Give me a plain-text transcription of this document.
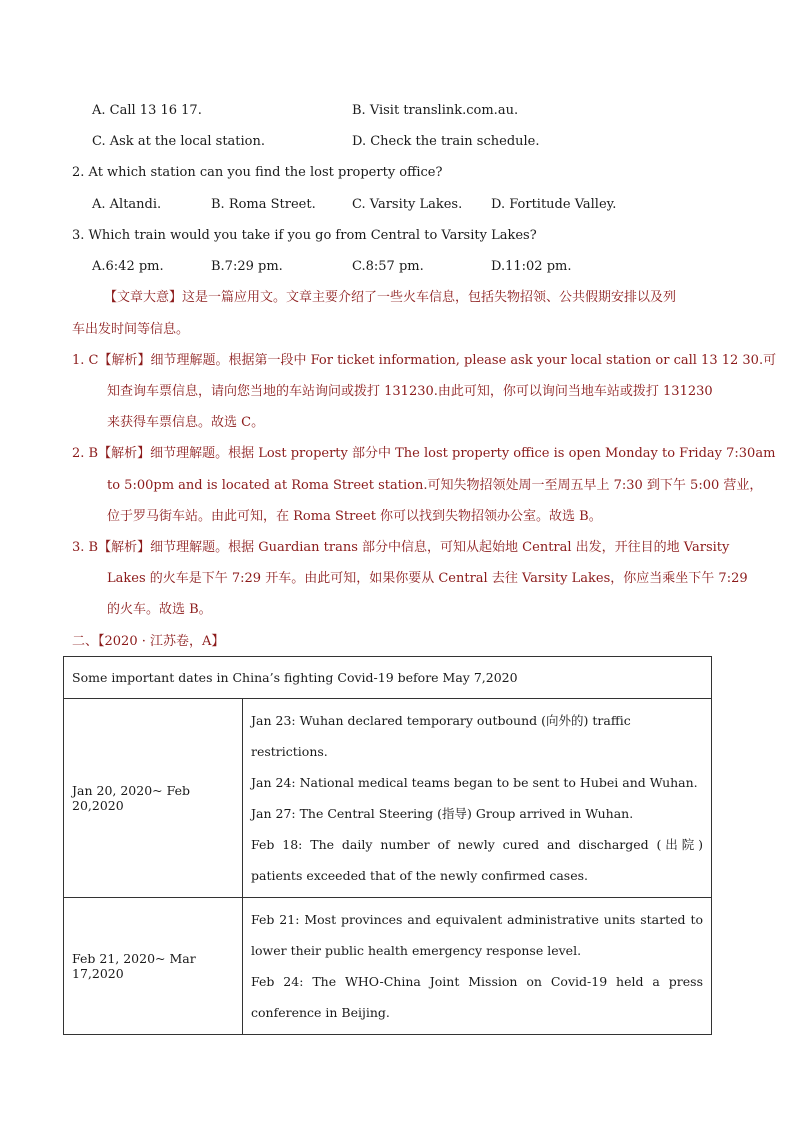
A. Call 13 16 17.	B. Visit translink.com.au.
C. Ask at the local station.	D. Check the train schedule.
2. At which station can you find the lost property office?
A. Altandi.	B. Roma Street.	C. Varsity Lakes. D. Fortitude Valley.
3. Which train would you take if you go from Central to Varsity Lakes?
A.6:42 pm.	B.7:29 pm.	C.8:57 pm.	D.11:02 pm.
【文章大意】这是一篇应用文。文章主要介绍了一些火车信息，包括失物招领、公共假期安排以及列
车出发时间等信息。
1. C【解析】细节理解题。根据第一段中 For ticket information, please ask your local station or call 13 12 30.可
知查询车票信息，请向您当地的车站询问或拨打 131230.由此可知，你可以询问当地车站或拨打 131230
来获得车票信息。故选 C。
2. B【解析】细节理解题。根据 Lost property 部分中 The lost property office is open Monday to Friday 7:30am
to 5:00pm and is located at Roma Street station.可知失物招领处周一至周五早上 7:30 到下午 5:00 营业，
位于罗马街车站。由此可知，在 Roma Street 你可以找到失物招领办公室。故选 B。
3. B【解析】细节理解题。根据 Guardian trans 部分中信息，可知从起始地 Central 出发，开往目的地 Varsity
Lakes 的火车是下午 7:29 开车。由此可知，如果你要从 Central 去往 Varsity Lakes，你应当乘坐下午 7:29
的火车。故选 B。
二、【2020 · 江苏卷，A】
Some important dates in China’s fighting Covid-19 before May 7,2020	
Jan 20, 2020~ Feb 20,2020	Jan 23: Wuhan declared temporary outbound (向外的) traffic restrictions.
Jan 24: National medical teams began to be sent to Hubei and Wuhan.
Jan 27: The Central Steering (指导) Group arrived in Wuhan.
Feb 18: The daily number of newly cured and discharged (出院) patients exceeded that of the newly confirmed cases.

Feb 21, 2020~ Mar 17,2020	Feb 21: Most provinces and equivalent administrative units started to lower their public health emergency response level.
Feb 24: The WHO-China Joint Mission on Covid-19 held a press conference in Beijing.
